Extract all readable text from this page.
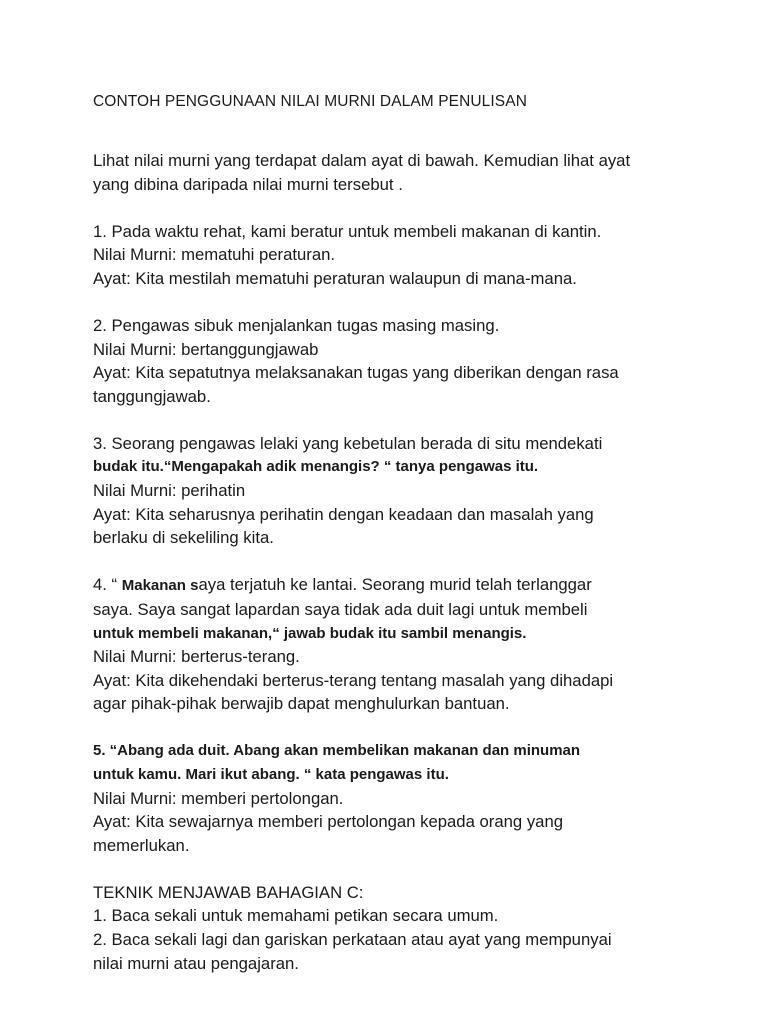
CONTOH PENGGUNAAN NILAI MURNI DALAM PENULISAN
Lihat nilai murni yang terdapat dalam ayat di bawah. Kemudian lihat ayat
yang dibina daripada nilai murni tersebut .
1. Pada waktu rehat, kami beratur untuk membeli makanan di kantin.
Nilai Murni: mematuhi peraturan.
Ayat: Kita mestilah mematuhi peraturan walaupun di mana-mana.
2. Pengawas sibuk menjalankan tugas masing masing.
Nilai Murni: bertanggungjawab
Ayat: Kita sepatutnya melaksanakan tugas yang diberikan dengan rasa
tanggungjawab.
3. Seorang pengawas lelaki yang kebetulan berada di situ mendekati
budak itu.“Mengapakah adik menangis? “ tanya pengawas itu.
Nilai Murni: perihatin
Ayat: Kita seharusnya perihatin dengan keadaan dan masalah yang
berlaku di sekeliling kita.
4. “ Makanan saya terjatuh ke lantai. Seorang murid telah terlanggar
saya. Saya sangat lapardan saya tidak ada duit lagi untuk membeli
untuk membeli makanan,“ jawab budak itu sambil menangis.
Nilai Murni: berterus-terang.
Ayat: Kita dikehendaki berterus-terang tentang masalah yang dihadapi
agar pihak-pihak berwajib dapat menghulurkan bantuan.
5. “Abang ada duit. Abang akan membelikan makanan dan minuman
untuk kamu. Mari ikut abang. “ kata pengawas itu.
Nilai Murni: memberi pertolongan.
Ayat: Kita sewajarnya memberi pertolongan kepada orang yang
memerlukan.
TEKNIK MENJAWAB BAHAGIAN C:
1. Baca sekali untuk memahami petikan secara umum.
2. Baca sekali lagi dan gariskan perkataan atau ayat yang mempunyai
nilai murni atau pengajaran.
